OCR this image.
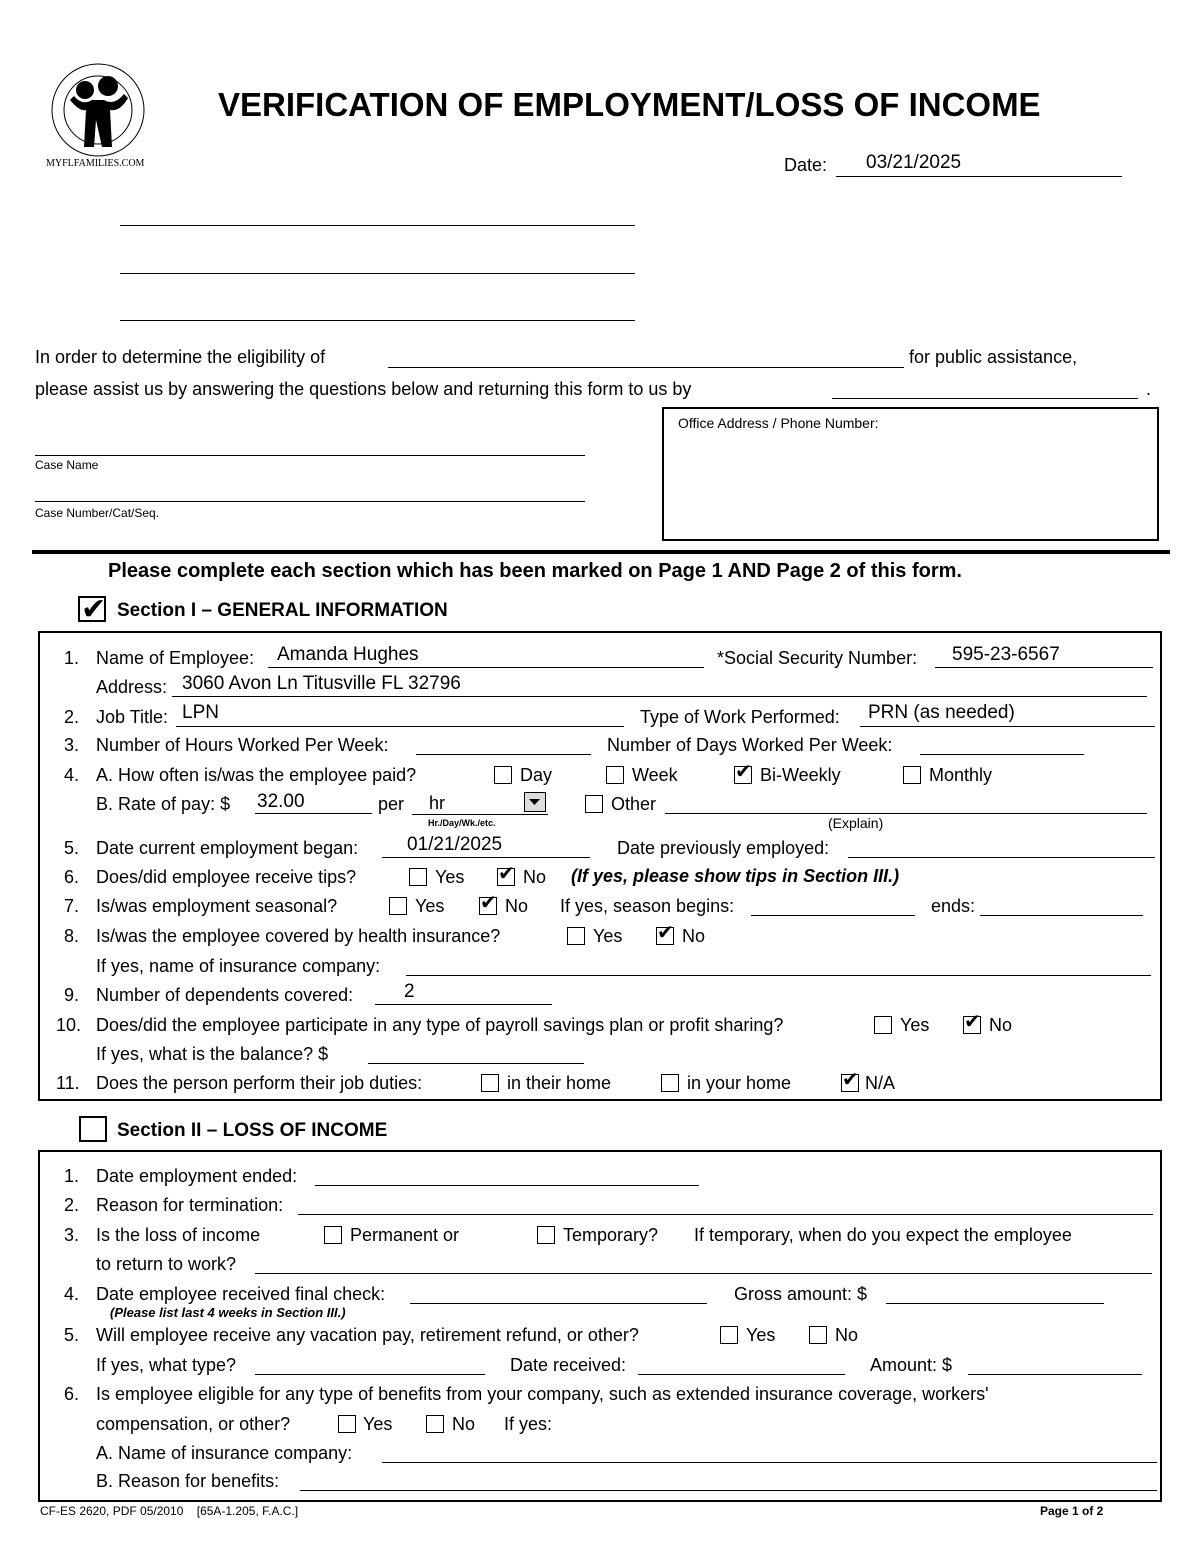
MYFLFAMILIES.COM
VERIFICATION OF EMPLOYMENT/LOSS OF INCOME
Date: 03/21/2025
In order to determine the eligibility of	for public assistance,
please assist us by answering the questions below and returning this form to us by	.
Case Name
Case Number/Cat/Seq.
Office Address / Phone Number:
Please complete each section which has been marked on Page 1 AND Page 2 of this form.
✔ Section I – GENERAL INFORMATION
1. Name of Employee: Amanda Hughes	*Social Security Number: 595-23-6567
Address: 3060 Avon Ln Titusville FL 32796
2. Job Title: LPN	Type of Work Performed: PRN (as needed)
3. Number of Hours Worked Per Week:	Number of Days Worked Per Week:
4. A. How often is/was the employee paid?	Day	Week	✔ Bi-Weekly	Monthly
B. Rate of pay: $ 32.00	per hr
Hr./Day/Wk./etc.
Other
(Explain)
5. Date current employment began:	01/21/2025	Date previously employed:
6. Does/did employee receive tips?	Yes ✔ No (If yes, please show tips in Section III.)
7. Is/was employment seasonal?	Yes ✔ No If yes, season begins:	ends:
8. Is/was the employee covered by health insurance?	Yes ✔ No
If yes, name of insurance company:
9. Number of dependents covered:	2
10. Does/did the employee participate in any type of payroll savings plan or profit sharing?	Yes ✔ No
If yes, what is the balance? $
11. Does the person perform their job duties:	in their home	in your home	✔ N/A
Section II – LOSS OF INCOME
1. Date employment ended:
2. Reason for termination:
3. Is the loss of income	Permanent or	Temporary? If temporary, when do you expect the employee
to return to work?
4. Date employee received final check:	Gross amount: $
(Please list last 4 weeks in Section III.)
5. Will employee receive any vacation pay, retirement refund, or other?	Yes	No
If yes, what type?	Date received:	Amount: $
6. Is employee eligible for any type of benefits from your company, such as extended insurance coverage, workers'
compensation, or other?	Yes	No If yes:
A. Name of insurance company:
B. Reason for benefits:
CF-ES 2620, PDF 05/2010    [65A-1.205, F.A.C.]	Page 1 of 2
